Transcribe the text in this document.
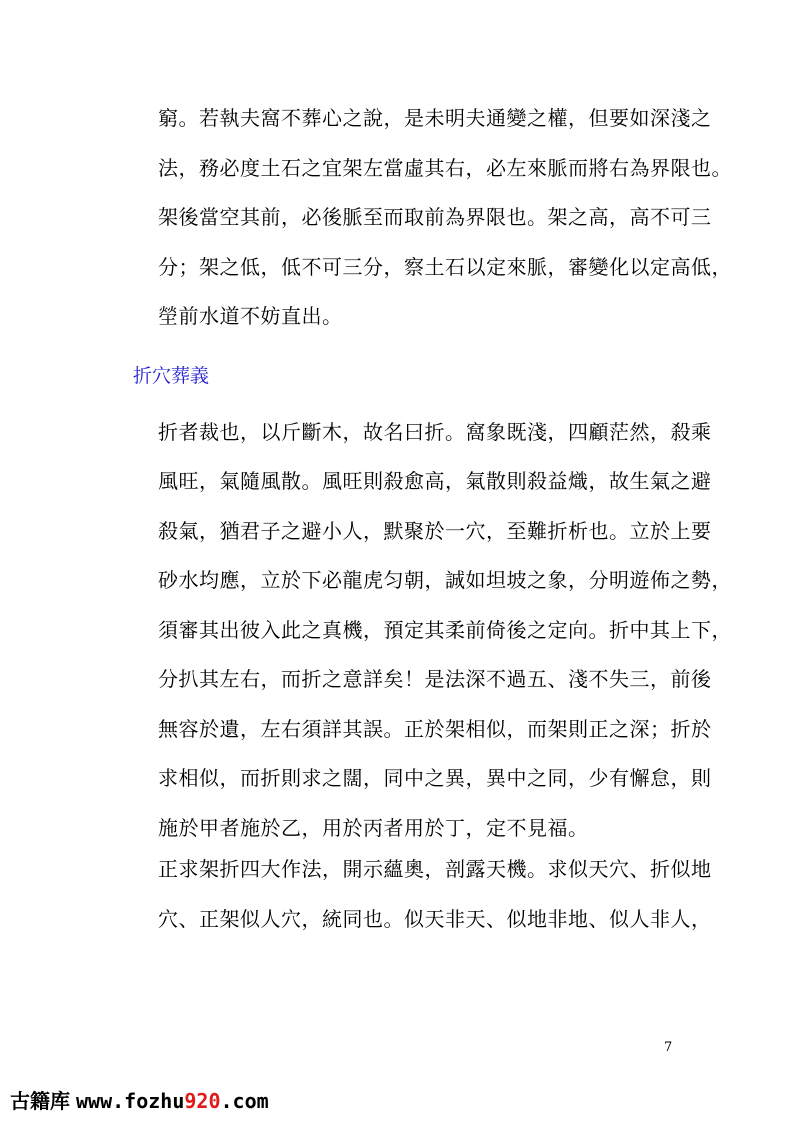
窮。若執夫窩不葬心之說，是未明夫通變之權，但要如深淺之
法，務必度土石之宜架左當虛其右，必左來脈而將右為界限也。
架後當空其前，必後脈至而取前為界限也。架之高，高不可三
分；架之低，低不可三分，察土石以定來脈，審變化以定高低，
塋前水道不妨直出。
折穴葬義
折者裁也，以斤斷木，故名曰折。窩象既淺，四顧茫然，殺乘
風旺，氣隨風散。風旺則殺愈高，氣散則殺益熾，故生氣之避
殺氣，猶君子之避小人，默聚於一穴，至難折析也。立於上要
砂水均應，立於下必龍虎匀朝，誠如坦坡之象，分明遊佈之勢，
須審其出彼入此之真機，預定其柔前倚後之定向。折中其上下，
分扒其左右，而折之意詳矣！是法深不過五、淺不失三，前後
無容於遺，左右須詳其誤。正於架相似，而架則正之深；折於
求相似，而折則求之闊，同中之異，異中之同，少有懈怠，則
施於甲者施於乙，用於丙者用於丁，定不見福。
正求架折四大作法，開示蘊奧，剖露天機。求似天穴、折似地
穴、正架似人穴，統同也。似天非天、似地非地、似人非人，
7
古籍库 www.fozhu920.com
